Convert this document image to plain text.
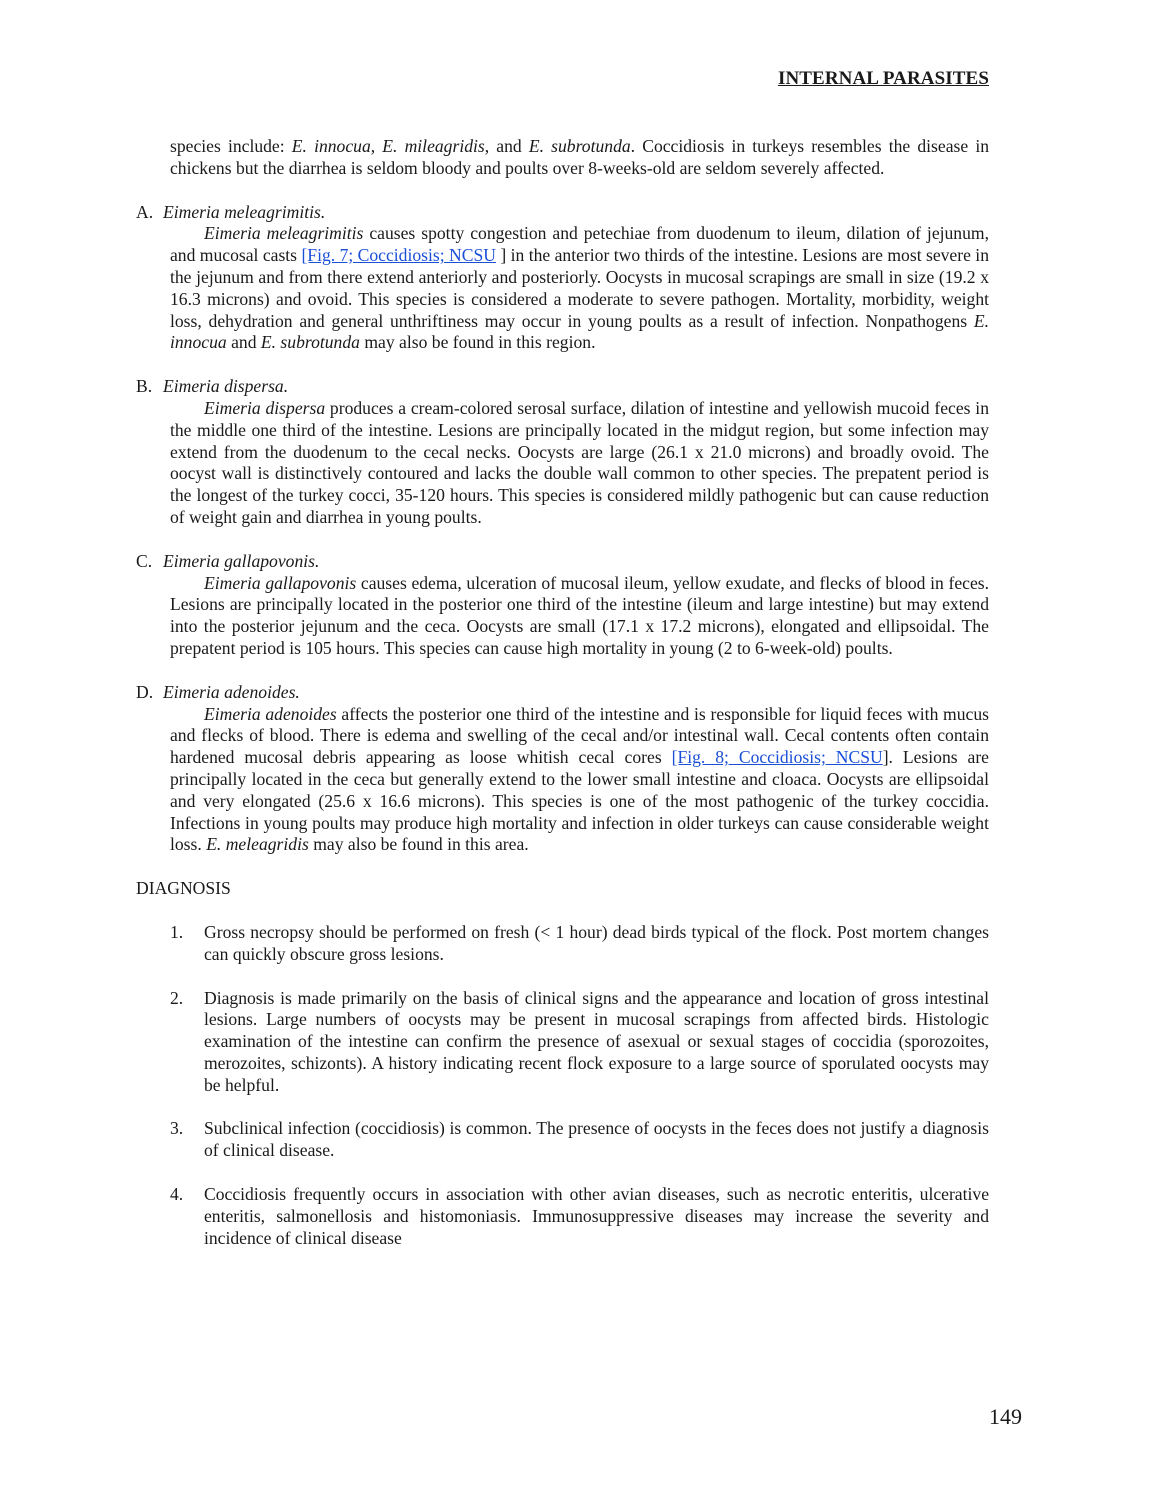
INTERNAL PARASITES

species include: E. innocua, E. mileagridis, and E. subrotunda. Coccidiosis in turkeys resembles the disease in chickens but the diarrhea is seldom bloody and poults over 8-weeks-old are seldom severely affected.

A. Eimeria meleagrimitis.

Eimeria meleagrimitis causes spotty congestion and petechiae from duodenum to ileum, dilation of jejunum, and mucosal casts [Fig. 7; Coccidiosis; NCSU ] in the anterior two thirds of the intestine. Lesions are most severe in the jejunum and from there extend anteriorly and posteriorly. Oocysts in mucosal scrapings are small in size (19.2 x 16.3 microns) and ovoid. This species is considered a moderate to severe pathogen. Mortality, morbidity, weight loss, dehydration and general unthriftiness may occur in young poults as a result of infection. Nonpathogens E. innocua and E. subrotunda may also be found in this region.

B. Eimeria dispersa.

Eimeria dispersa produces a cream-colored serosal surface, dilation of intestine and yellowish mucoid feces in the middle one third of the intestine. Lesions are principally located in the midgut region, but some infection may extend from the duodenum to the cecal necks. Oocysts are large (26.1 x 21.0 microns) and broadly ovoid. The oocyst wall is distinctively contoured and lacks the double wall common to other species. The prepatent period is the longest of the turkey cocci, 35-120 hours. This species is considered mildly pathogenic but can cause reduction of weight gain and diarrhea in young poults.

C. Eimeria gallapovonis.

Eimeria gallapovonis causes edema, ulceration of mucosal ileum, yellow exudate, and flecks of blood in feces. Lesions are principally located in the posterior one third of the intestine (ileum and large intestine) but may extend into the posterior jejunum and the ceca. Oocysts are small (17.1 x 17.2 microns), elongated and ellipsoidal. The prepatent period is 105 hours. This species can cause high mortality in young (2 to 6-week-old) poults.

D. Eimeria adenoides.

Eimeria adenoides affects the posterior one third of the intestine and is responsible for liquid feces with mucus and flecks of blood. There is edema and swelling of the cecal and/or intestinal wall. Cecal contents often contain hardened mucosal debris appearing as loose whitish cecal cores [Fig. 8; Coccidiosis; NCSU]. Lesions are principally located in the ceca but generally extend to the lower small intestine and cloaca. Oocysts are ellipsoidal and very elongated (25.6 x 16.6 microns). This species is one of the most pathogenic of the turkey coccidia. Infections in young poults may produce high mortality and infection in older turkeys can cause considerable weight loss. E. meleagridis may also be found in this area.

DIAGNOSIS

1. Gross necropsy should be performed on fresh (< 1 hour) dead birds typical of the flock. Post mortem changes can quickly obscure gross lesions.
2. Diagnosis is made primarily on the basis of clinical signs and the appearance and location of gross intestinal lesions. Large numbers of oocysts may be present in mucosal scrapings from affected birds. Histologic examination of the intestine can confirm the presence of asexual or sexual stages of coccidia (sporozoites, merozoites, schizonts). A history indicating recent flock exposure to a large source of sporulated oocysts may be helpful.
3. Subclinical infection (coccidiosis) is common. The presence of oocysts in the feces does not justify a diagnosis of clinical disease.
4. Coccidiosis frequently occurs in association with other avian diseases, such as necrotic enteritis, ulcerative enteritis, salmonellosis and histomoniasis. Immunosuppressive diseases may increase the severity and incidence of clinical disease
149
